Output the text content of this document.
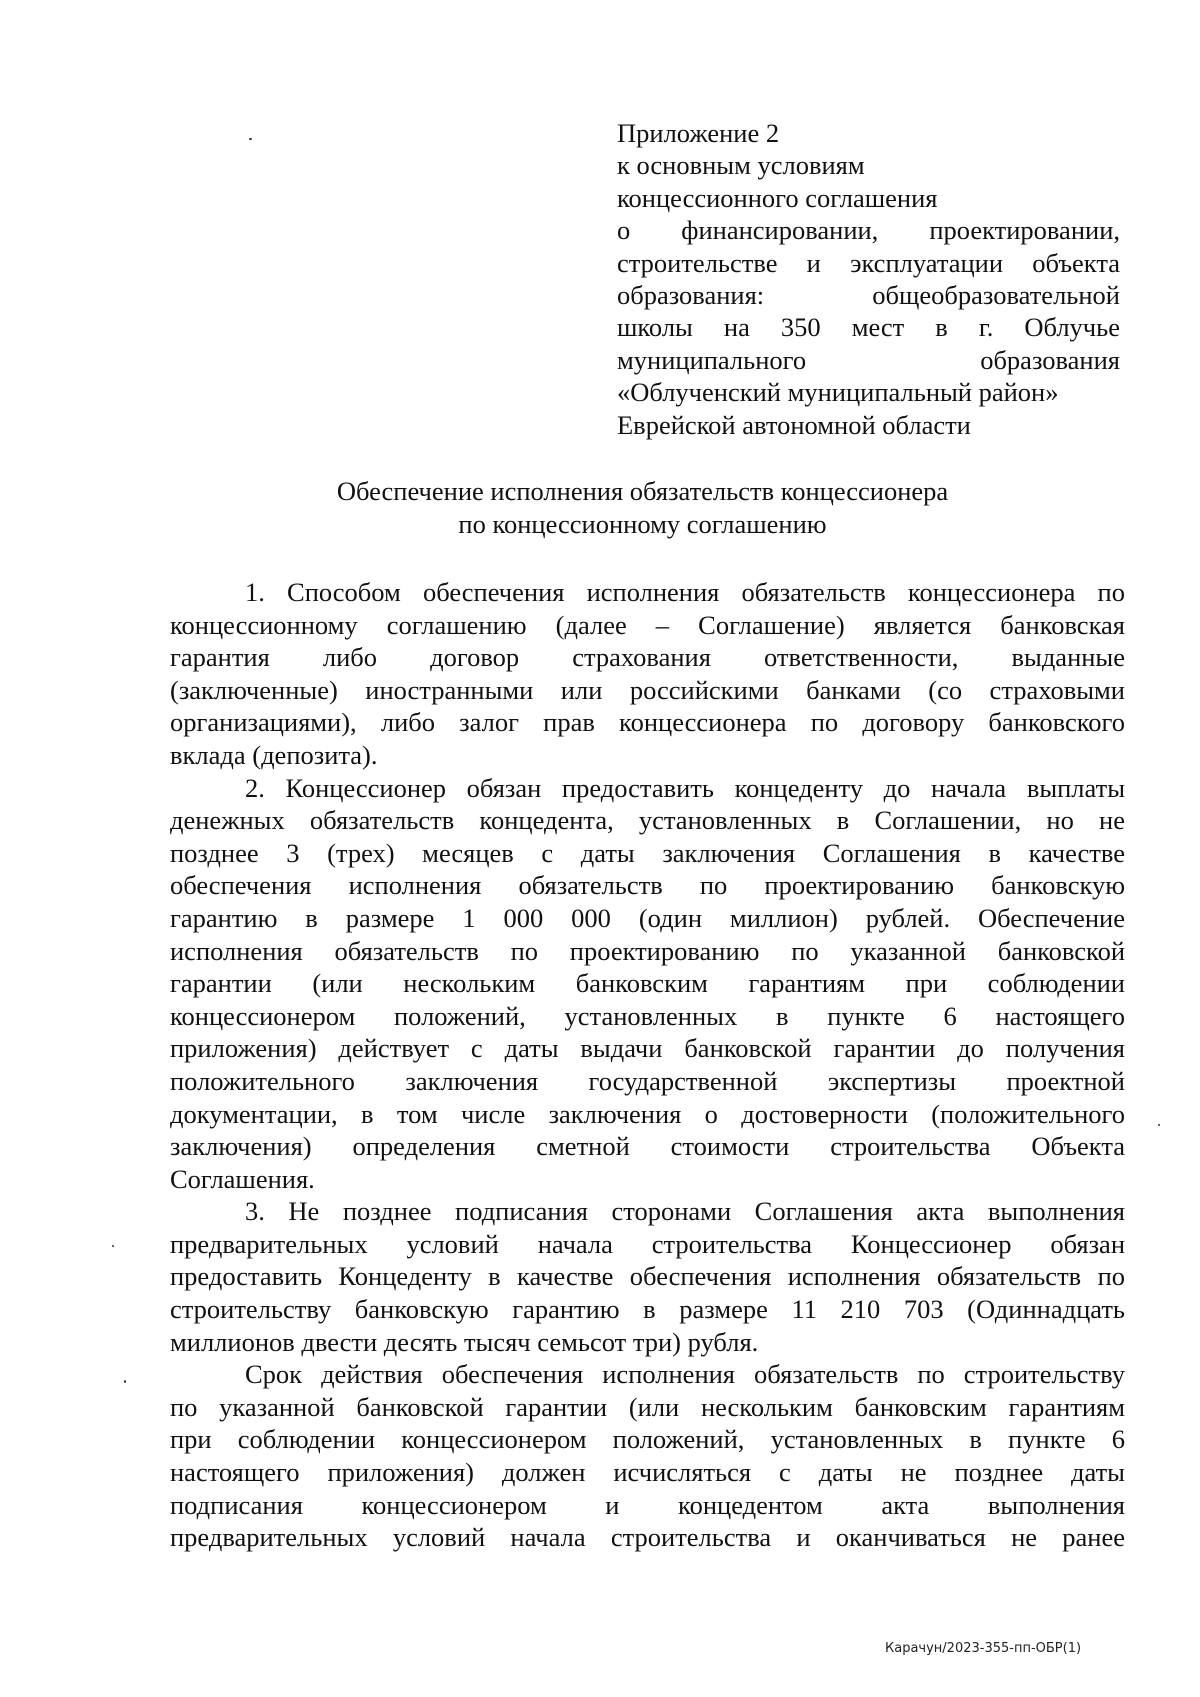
Приложение 2
к основным условиям
концессионного соглашения
о финансировании, проектировании,
строительстве и эксплуатации объекта
образования: общеобразовательной
школы на 350 мест в г. Облучье
муниципального образования
«Облученский муниципальный район»
Еврейской автономной области
Обеспечение исполнения обязательств концессионера
по концессионному соглашению
1. Способом обеспечения исполнения обязательств концессионера по
концессионному соглашению (далее – Соглашение) является банковская
гарантия либо договор страхования ответственности, выданные
(заключенные) иностранными или российскими банками (со страховыми
организациями), либо залог прав концессионера по договору банковского
вклада (депозита).
2. Концессионер обязан предоставить концеденту до начала выплаты
денежных обязательств концедента, установленных в Соглашении, но не
позднее 3 (трех) месяцев с даты заключения Соглашения в качестве
обеспечения исполнения обязательств по проектированию банковскую
гарантию в размере 1 000 000 (один миллион) рублей. Обеспечение
исполнения обязательств по проектированию по указанной банковской
гарантии (или нескольким банковским гарантиям при соблюдении
концессионером положений, установленных в пункте 6 настоящего
приложения) действует с даты выдачи банковской гарантии до получения
положительного заключения государственной экспертизы проектной
документации, в том числе заключения о достоверности (положительного
заключения) определения сметной стоимости строительства Объекта
Соглашения.
3. Не позднее подписания сторонами Соглашения акта выполнения
предварительных условий начала строительства Концессионер обязан
предоставить Концеденту в качестве обеспечения исполнения обязательств по
строительству банковскую гарантию в размере 11 210 703 (Одиннадцать
миллионов двести десять тысяч семьсот три) рубля.
Срок действия обеспечения исполнения обязательств по строительству
по указанной банковской гарантии (или нескольким банковским гарантиям
при соблюдении концессионером положений, установленных в пункте 6
настоящего приложения) должен исчисляться с даты не позднее даты
подписания концессионером и концедентом акта выполнения
предварительных условий начала строительства и оканчиваться не ранее
Карачун/2023-355-пп-ОБР(1)
